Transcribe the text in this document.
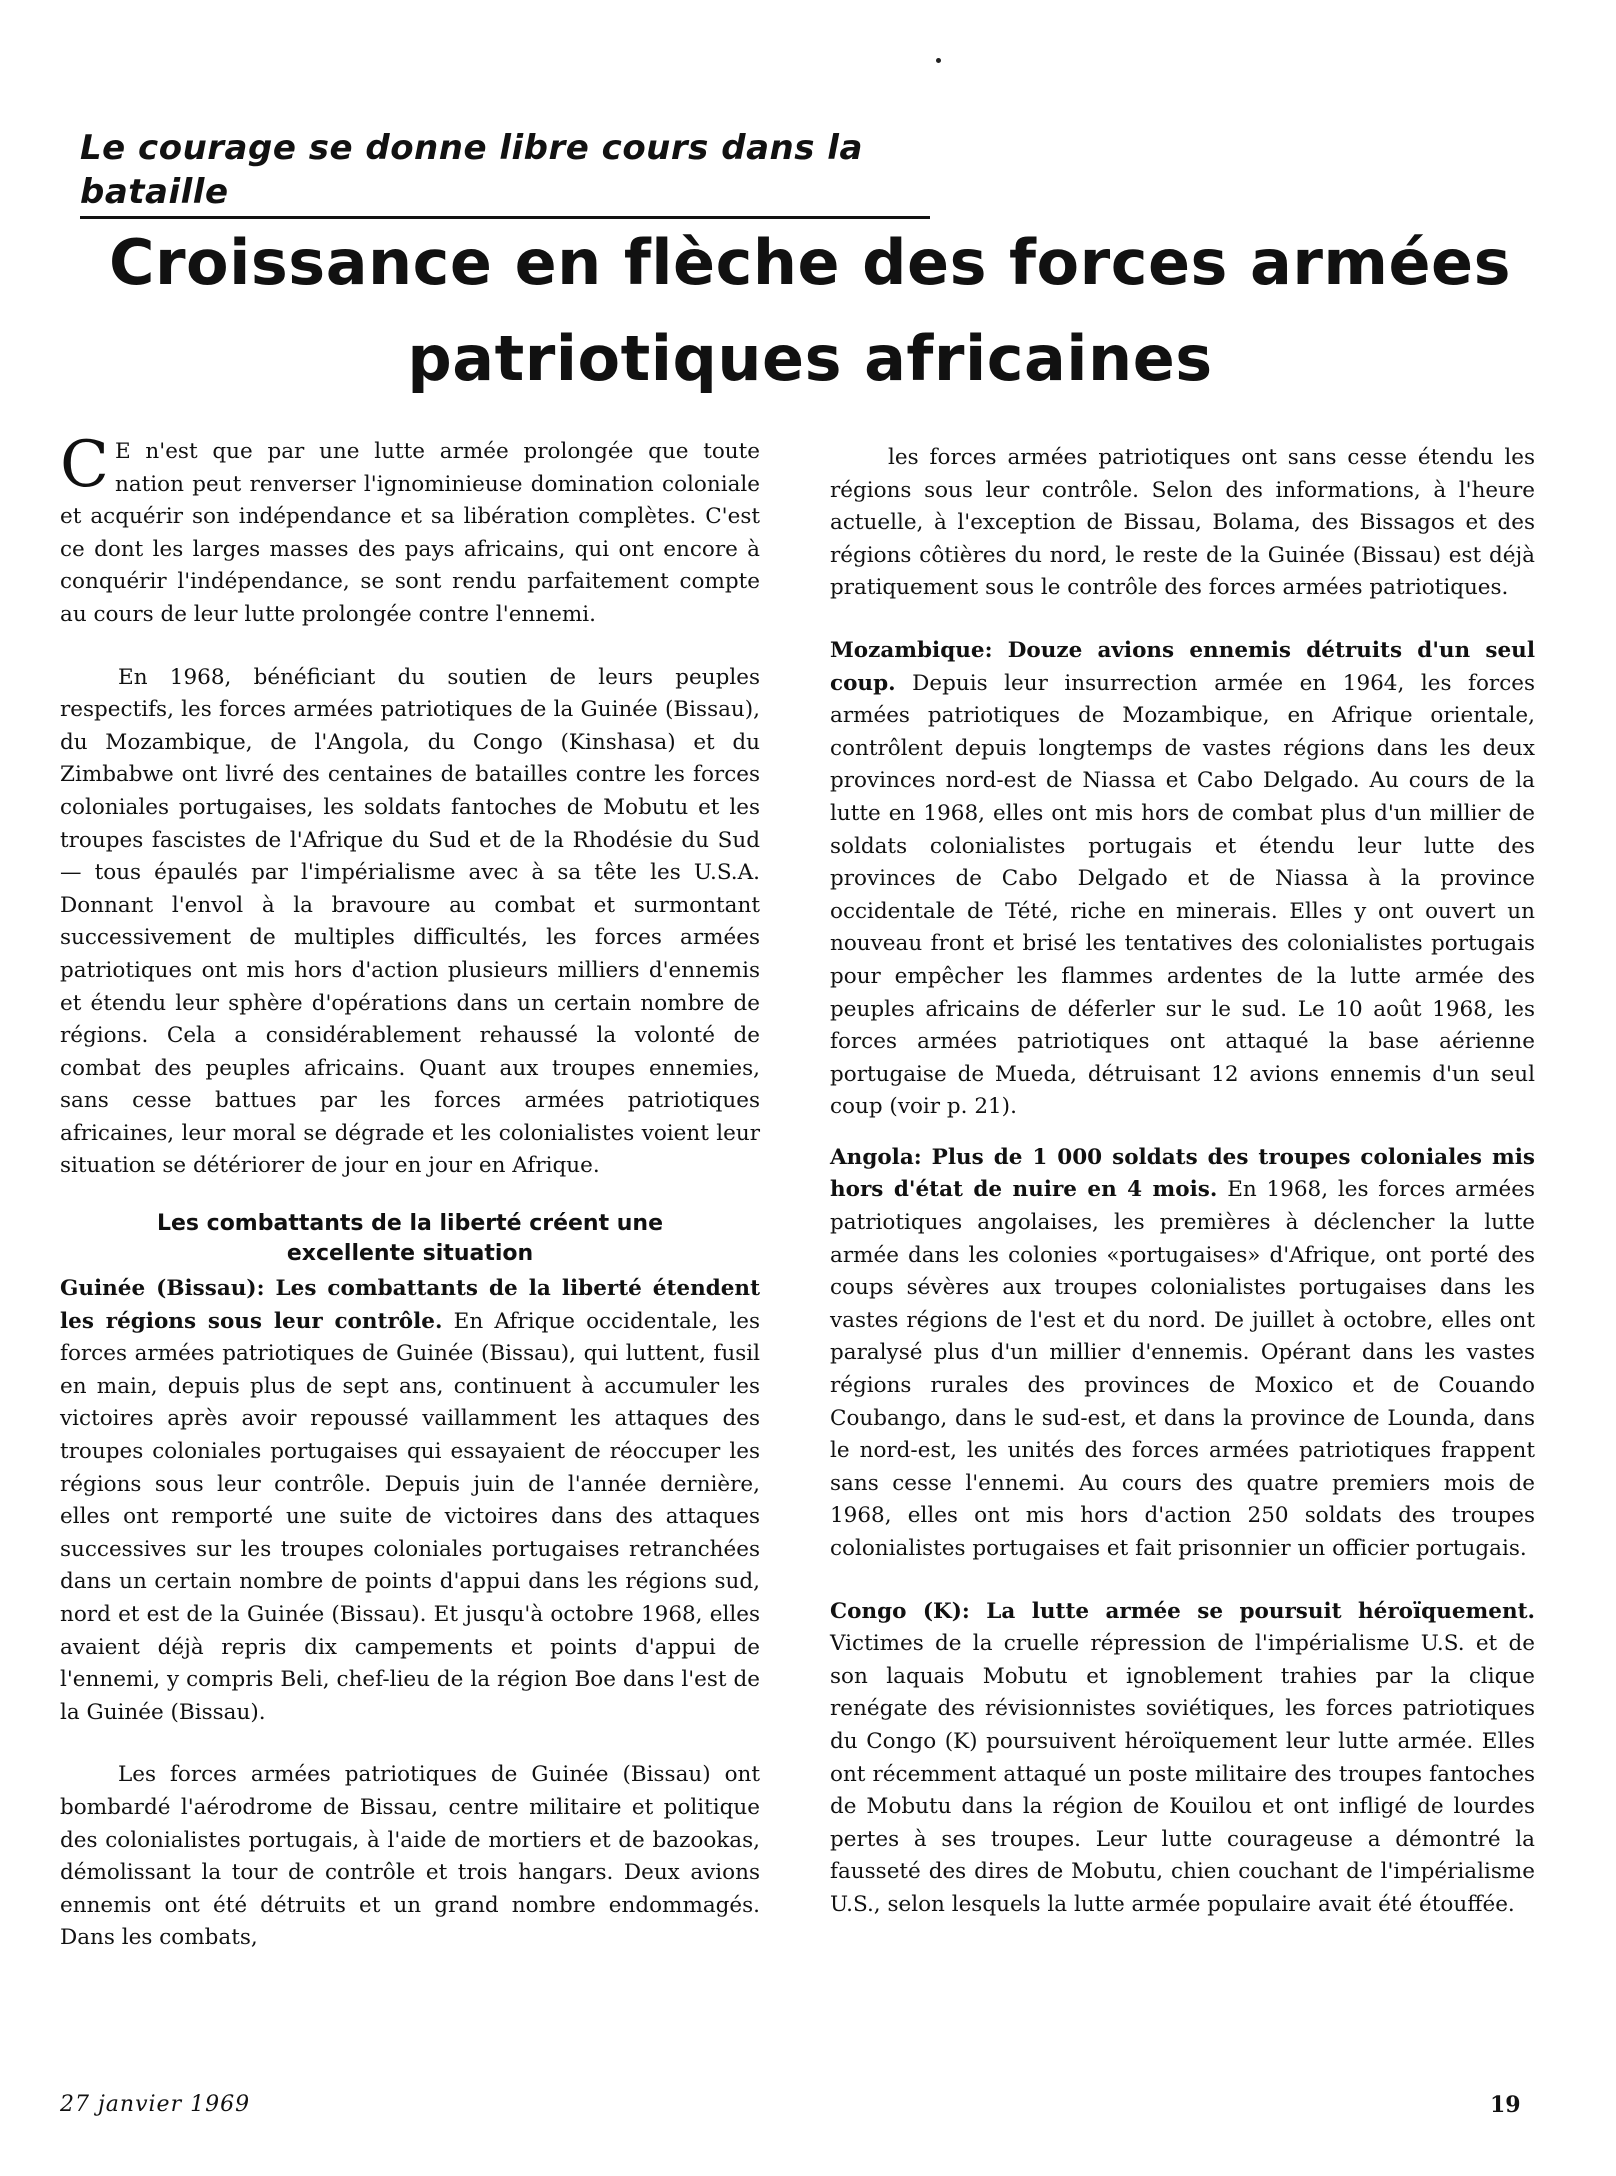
Le courage se donne libre cours dans la bataille
Croissance en flèche des forces armées
patriotiques africaines

C E n'est que par une lutte armée prolongée que toute nation peut renverser l'ignominieuse domination coloniale et acquérir son indépendance et sa libération complètes. C'est ce dont les larges masses des pays africains, qui ont encore à conquérir l'indépendance, se sont rendu parfaitement compte au cours de leur lutte prolongée contre l'ennemi.

En 1968, bénéficiant du soutien de leurs peuples respectifs, les forces armées patriotiques de la Guinée (Bissau), du Mozambique, de l'Angola, du Congo (Kinshasa) et du Zimbabwe ont livré des centaines de batailles contre les forces coloniales portugaises, les soldats fantoches de Mobutu et les troupes fascistes de l'Afrique du Sud et de la Rhodésie du Sud — tous épaulés par l'impérialisme avec à sa tête les U.S.A. Donnant l'envol à la bravoure au combat et surmontant successivement de multiples difficultés, les forces armées patriotiques ont mis hors d'action plusieurs milliers d'ennemis et étendu leur sphère d'opérations dans un certain nombre de régions. Cela a considérablement rehaussé la volonté de combat des peuples africains. Quant aux troupes ennemies, sans cesse battues par les forces armées patriotiques africaines, leur moral se dégrade et les colonialistes voient leur situation se détériorer de jour en jour en Afrique.

Les combattants de la liberté créent une
excellente situation

Guinée (Bissau): Les combattants de la liberté étendent les régions sous leur contrôle. En Afrique occidentale, les forces armées patriotiques de Guinée (Bissau), qui luttent, fusil en main, depuis plus de sept ans, continuent à accumuler les victoires après avoir repoussé vaillamment les attaques des troupes coloniales portugaises qui essayaient de réoccuper les régions sous leur contrôle. Depuis juin de l'année dernière, elles ont remporté une suite de victoires dans des attaques successives sur les troupes coloniales portugaises retranchées dans un certain nombre de points d'appui dans les régions sud, nord et est de la Guinée (Bissau). Et jusqu'à octobre 1968, elles avaient déjà repris dix campements et points d'appui de l'ennemi, y compris Beli, chef-lieu de la région Boe dans l'est de la Guinée (Bissau).

Les forces armées patriotiques de Guinée (Bissau) ont bombardé l'aérodrome de Bissau, centre militaire et politique des colonialistes portugais, à l'aide de mortiers et de bazookas, démolissant la tour de contrôle et trois hangars. Deux avions ennemis ont été détruits et un grand nombre endommagés. Dans les combats,

les forces armées patriotiques ont sans cesse étendu les régions sous leur contrôle. Selon des informations, à l'heure actuelle, à l'exception de Bissau, Bolama, des Bissagos et des régions côtières du nord, le reste de la Guinée (Bissau) est déjà pratiquement sous le contrôle des forces armées patriotiques.

Mozambique: Douze avions ennemis détruits d'un seul coup. Depuis leur insurrection armée en 1964, les forces armées patriotiques de Mozambique, en Afrique orientale, contrôlent depuis longtemps de vastes régions dans les deux provinces nord-est de Niassa et Cabo Delgado. Au cours de la lutte en 1968, elles ont mis hors de combat plus d'un millier de soldats colonialistes portugais et étendu leur lutte des provinces de Cabo Delgado et de Niassa à la province occidentale de Tété, riche en minerais. Elles y ont ouvert un nouveau front et brisé les tentatives des colonialistes portugais pour empêcher les flammes ardentes de la lutte armée des peuples africains de déferler sur le sud. Le 10 août 1968, les forces armées patriotiques ont attaqué la base aérienne portugaise de Mueda, détruisant 12 avions ennemis d'un seul coup (voir p. 21).

Angola: Plus de 1 000 soldats des troupes coloniales mis hors d'état de nuire en 4 mois. En 1968, les forces armées patriotiques angolaises, les premières à déclencher la lutte armée dans les colonies «portugaises» d'Afrique, ont porté des coups sévères aux troupes colonialistes portugaises dans les vastes régions de l'est et du nord. De juillet à octobre, elles ont paralysé plus d'un millier d'ennemis. Opérant dans les vastes régions rurales des provinces de Moxico et de Couando Coubango, dans le sud-est, et dans la province de Lounda, dans le nord-est, les unités des forces armées patriotiques frappent sans cesse l'ennemi. Au cours des quatre premiers mois de 1968, elles ont mis hors d'action 250 soldats des troupes colonialistes portugaises et fait prisonnier un officier portugais.

Congo (K): La lutte armée se poursuit héroïquement. Victimes de la cruelle répression de l'impérialisme U.S. et de son laquais Mobutu et ignoblement trahies par la clique renégate des révisionnistes soviétiques, les forces patriotiques du Congo (K) poursuivent héroïquement leur lutte armée. Elles ont récemment attaqué un poste militaire des troupes fantoches de Mobutu dans la région de Kouilou et ont infligé de lourdes pertes à ses troupes. Leur lutte courageuse a démontré la fausseté des dires de Mobutu, chien couchant de l'impérialisme U.S., selon lesquels la lutte armée populaire avait été étouffée.

27 janvier 1969	19
